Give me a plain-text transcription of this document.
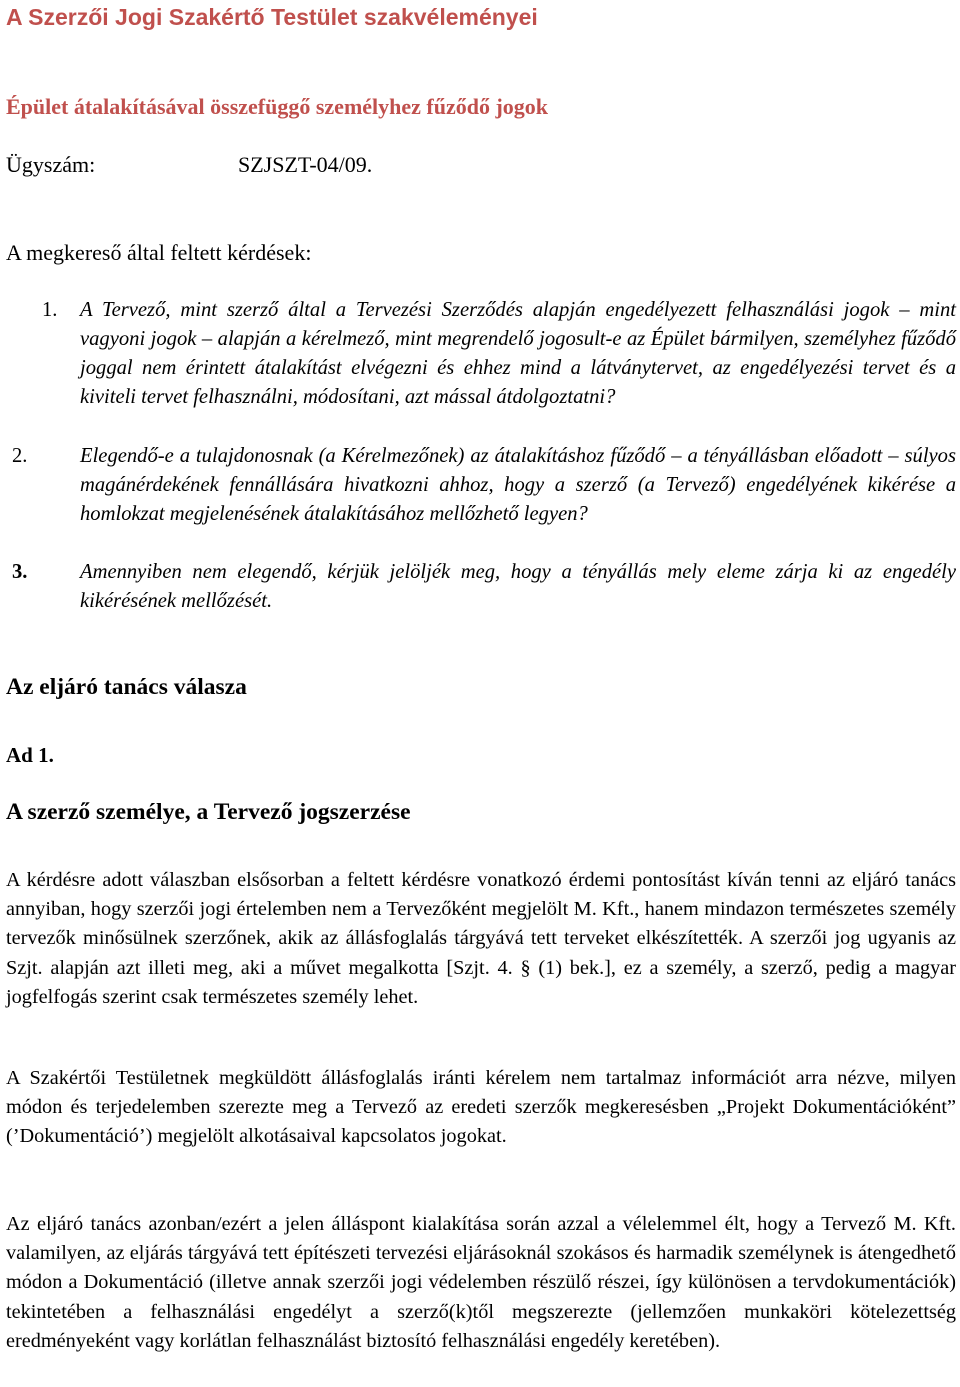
A Szerzői Jogi Szakértő Testület szakvéleményei
Épület átalakításával összefüggő személyhez fűződő jogok
Ügyszám:	SZJSZT-04/09.
A megkereső által feltett kérdések:
1. A Tervező, mint szerző által a Tervezési Szerződés alapján engedélyezett felhasználási jogok – mint vagyoni jogok – alapján a kérelmező, mint megrendelő jogosult-e az Épület bármilyen, személyhez fűződő joggal nem érintett átalakítást elvégezni és ehhez mind a látványtervet, az engedélyezési tervet és a kiviteli tervet felhasználni, módosítani, azt mással átdolgoztatni?
2.	Elegendő-e a tulajdonosnak (a Kérelmezőnek) az átalakításhoz fűződő – a tényállásban előadott – súlyos magánérdekének fennállására hivatkozni ahhoz, hogy a szerző (a Tervező) engedélyének kikérése a homlokzat megjelenésének átalakításához mellőzhető legyen?
3.	Amennyiben nem elegendő, kérjük jelöljék meg, hogy a tényállás mely eleme zárja ki az engedély kikérésének mellőzését.
Az eljáró tanács válasza
Ad 1.
A szerző személye, a Tervező jogszerzése

A kérdésre adott válaszban elsősorban a feltett kérdésre vonatkozó érdemi pontosítást kíván tenni az eljáró tanács annyiban, hogy szerzői jogi értelemben nem a Tervezőként megjelölt M. Kft., hanem mindazon természetes személy tervezők minősülnek szerzőnek, akik az állásfoglalás tárgyává tett terveket elkészítették. A szerzői jog ugyanis az Szjt. alapján azt illeti meg, aki a művet megalkotta [Szjt. 4. § (1) bek.], ez a személy, a szerző, pedig a magyar jogfelfogás szerint csak természetes személy lehet.

A Szakértői Testületnek megküldött állásfoglalás iránti kérelem nem tartalmaz információt arra nézve, milyen módon és terjedelemben szerezte meg a Tervező az eredeti szerzők megkeresésben „Projekt Dokumentációként” (’Dokumentáció’) megjelölt alkotásaival kapcsolatos jogokat.

Az eljáró tanács azonban/ezért a jelen álláspont kialakítása során azzal a vélelemmel élt, hogy a Tervező M. Kft. valamilyen, az eljárás tárgyává tett építészeti tervezési eljárásoknál szokásos és harmadik személynek is átengedhető módon a Dokumentáció (illetve annak szerzői jogi védelemben részülő részei, így különösen a tervdokumentációk) tekintetében a felhasználási engedélyt a szerző(k)től megszerezte (jellemzően munkaköri kötelezettség eredményeként vagy korlátlan felhasználást biztosító felhasználási engedély keretében).
